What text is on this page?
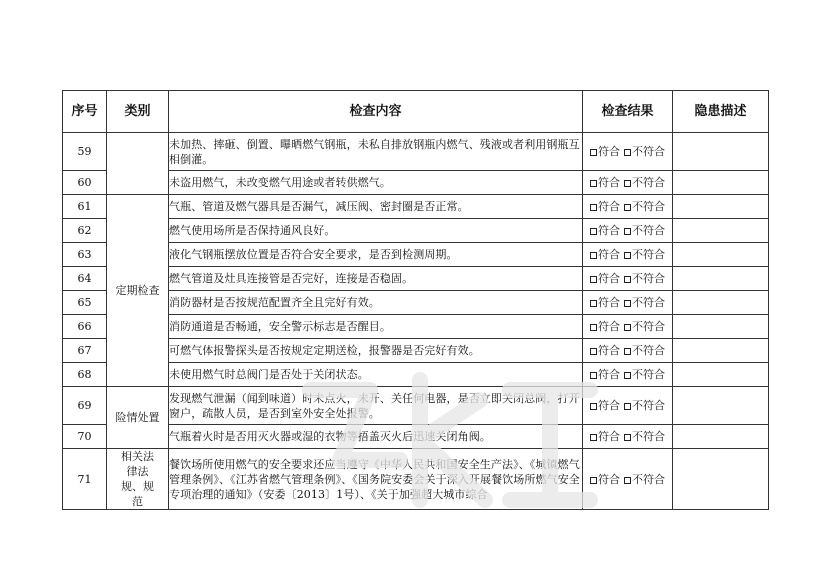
序号	类别	检查内容	检查结果	隐患描述
59		未加热、摔砸、倒置、曝晒燃气钢瓶，未私自排放钢瓶内燃气、残液或者利用钢瓶互相倒灌。	符合 不符合	
60		未盗用燃气，未改变燃气用途或者转供燃气。	符合 不符合	
61	定期检查	气瓶、管道及燃气器具是否漏气，减压阀、密封圈是否正常。	符合 不符合	
62		燃气使用场所是否保持通风良好。	符合 不符合	
63		液化气钢瓶摆放位置是否符合安全要求，是否到检测周期。	符合 不符合	
64		燃气管道及灶具连接管是否完好，连接是否稳固。	符合 不符合	
65		消防器材是否按规范配置齐全且完好有效。	符合 不符合	
66		消防通道是否畅通，安全警示标志是否醒目。	符合 不符合	
67		可燃气体报警探头是否按规定定期送检，报警器是否完好有效。	符合 不符合	
68		未使用燃气时总阀门是否处于关闭状态。	符合 不符合	
69	险情处置	发现燃气泄漏（闻到味道）时未点火，未开、关任何电器，是否立即关闭总阀，打开窗户，疏散人员，是否到室外安全处报警。	符合 不符合	
70		气瓶着火时是否用灭火器或湿的衣物等捂盖灭火后迅速关闭角阀。	符合 不符合	
71	相关法律法规、规范	餐饮场所使用燃气的安全要求还应当遵守《中华人民共和国安全生产法》、《城镇燃气管理条例》、《江苏省燃气管理条例》、《国务院安委会关于深入开展餐饮场所燃气安全专项治理的通知》（安委〔2013〕1号）、《关于加强超大城市综合	符合 不符合	
